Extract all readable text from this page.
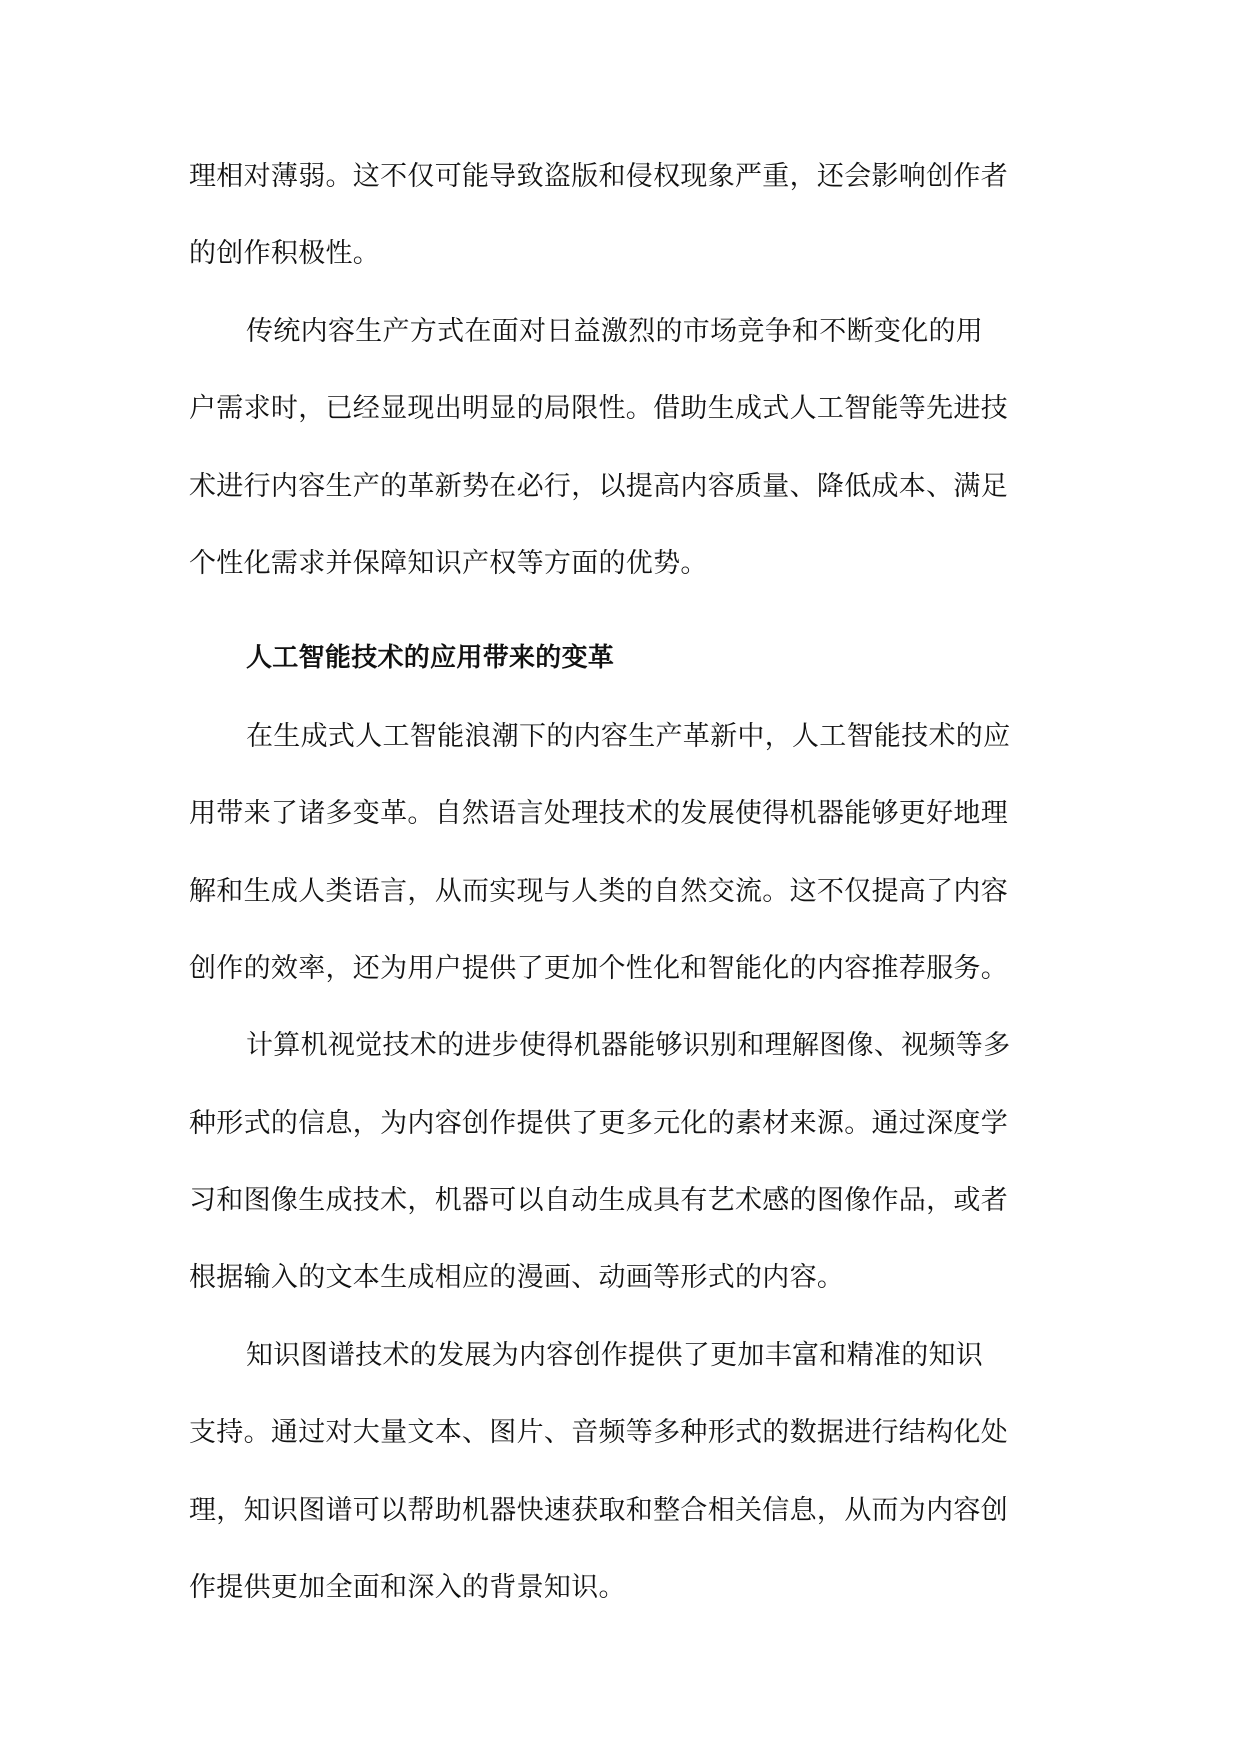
理相对薄弱。这不仅可能导致盗版和侵权现象严重，还会影响创作者
的创作积极性。
传统内容生产方式在面对日益激烈的市场竞争和不断变化的用
户需求时，已经显现出明显的局限性。借助生成式人工智能等先进技
术进行内容生产的革新势在必行，以提高内容质量、降低成本、满足
个性化需求并保障知识产权等方面的优势。
人工智能技术的应用带来的变革
在生成式人工智能浪潮下的内容生产革新中，人工智能技术的应
用带来了诸多变革。自然语言处理技术的发展使得机器能够更好地理
解和生成人类语言，从而实现与人类的自然交流。这不仅提高了内容
创作的效率，还为用户提供了更加个性化和智能化的内容推荐服务。
计算机视觉技术的进步使得机器能够识别和理解图像、视频等多
种形式的信息，为内容创作提供了更多元化的素材来源。通过深度学
习和图像生成技术，机器可以自动生成具有艺术感的图像作品，或者
根据输入的文本生成相应的漫画、动画等形式的内容。
知识图谱技术的发展为内容创作提供了更加丰富和精准的知识
支持。通过对大量文本、图片、音频等多种形式的数据进行结构化处
理，知识图谱可以帮助机器快速获取和整合相关信息，从而为内容创
作提供更加全面和深入的背景知识。
